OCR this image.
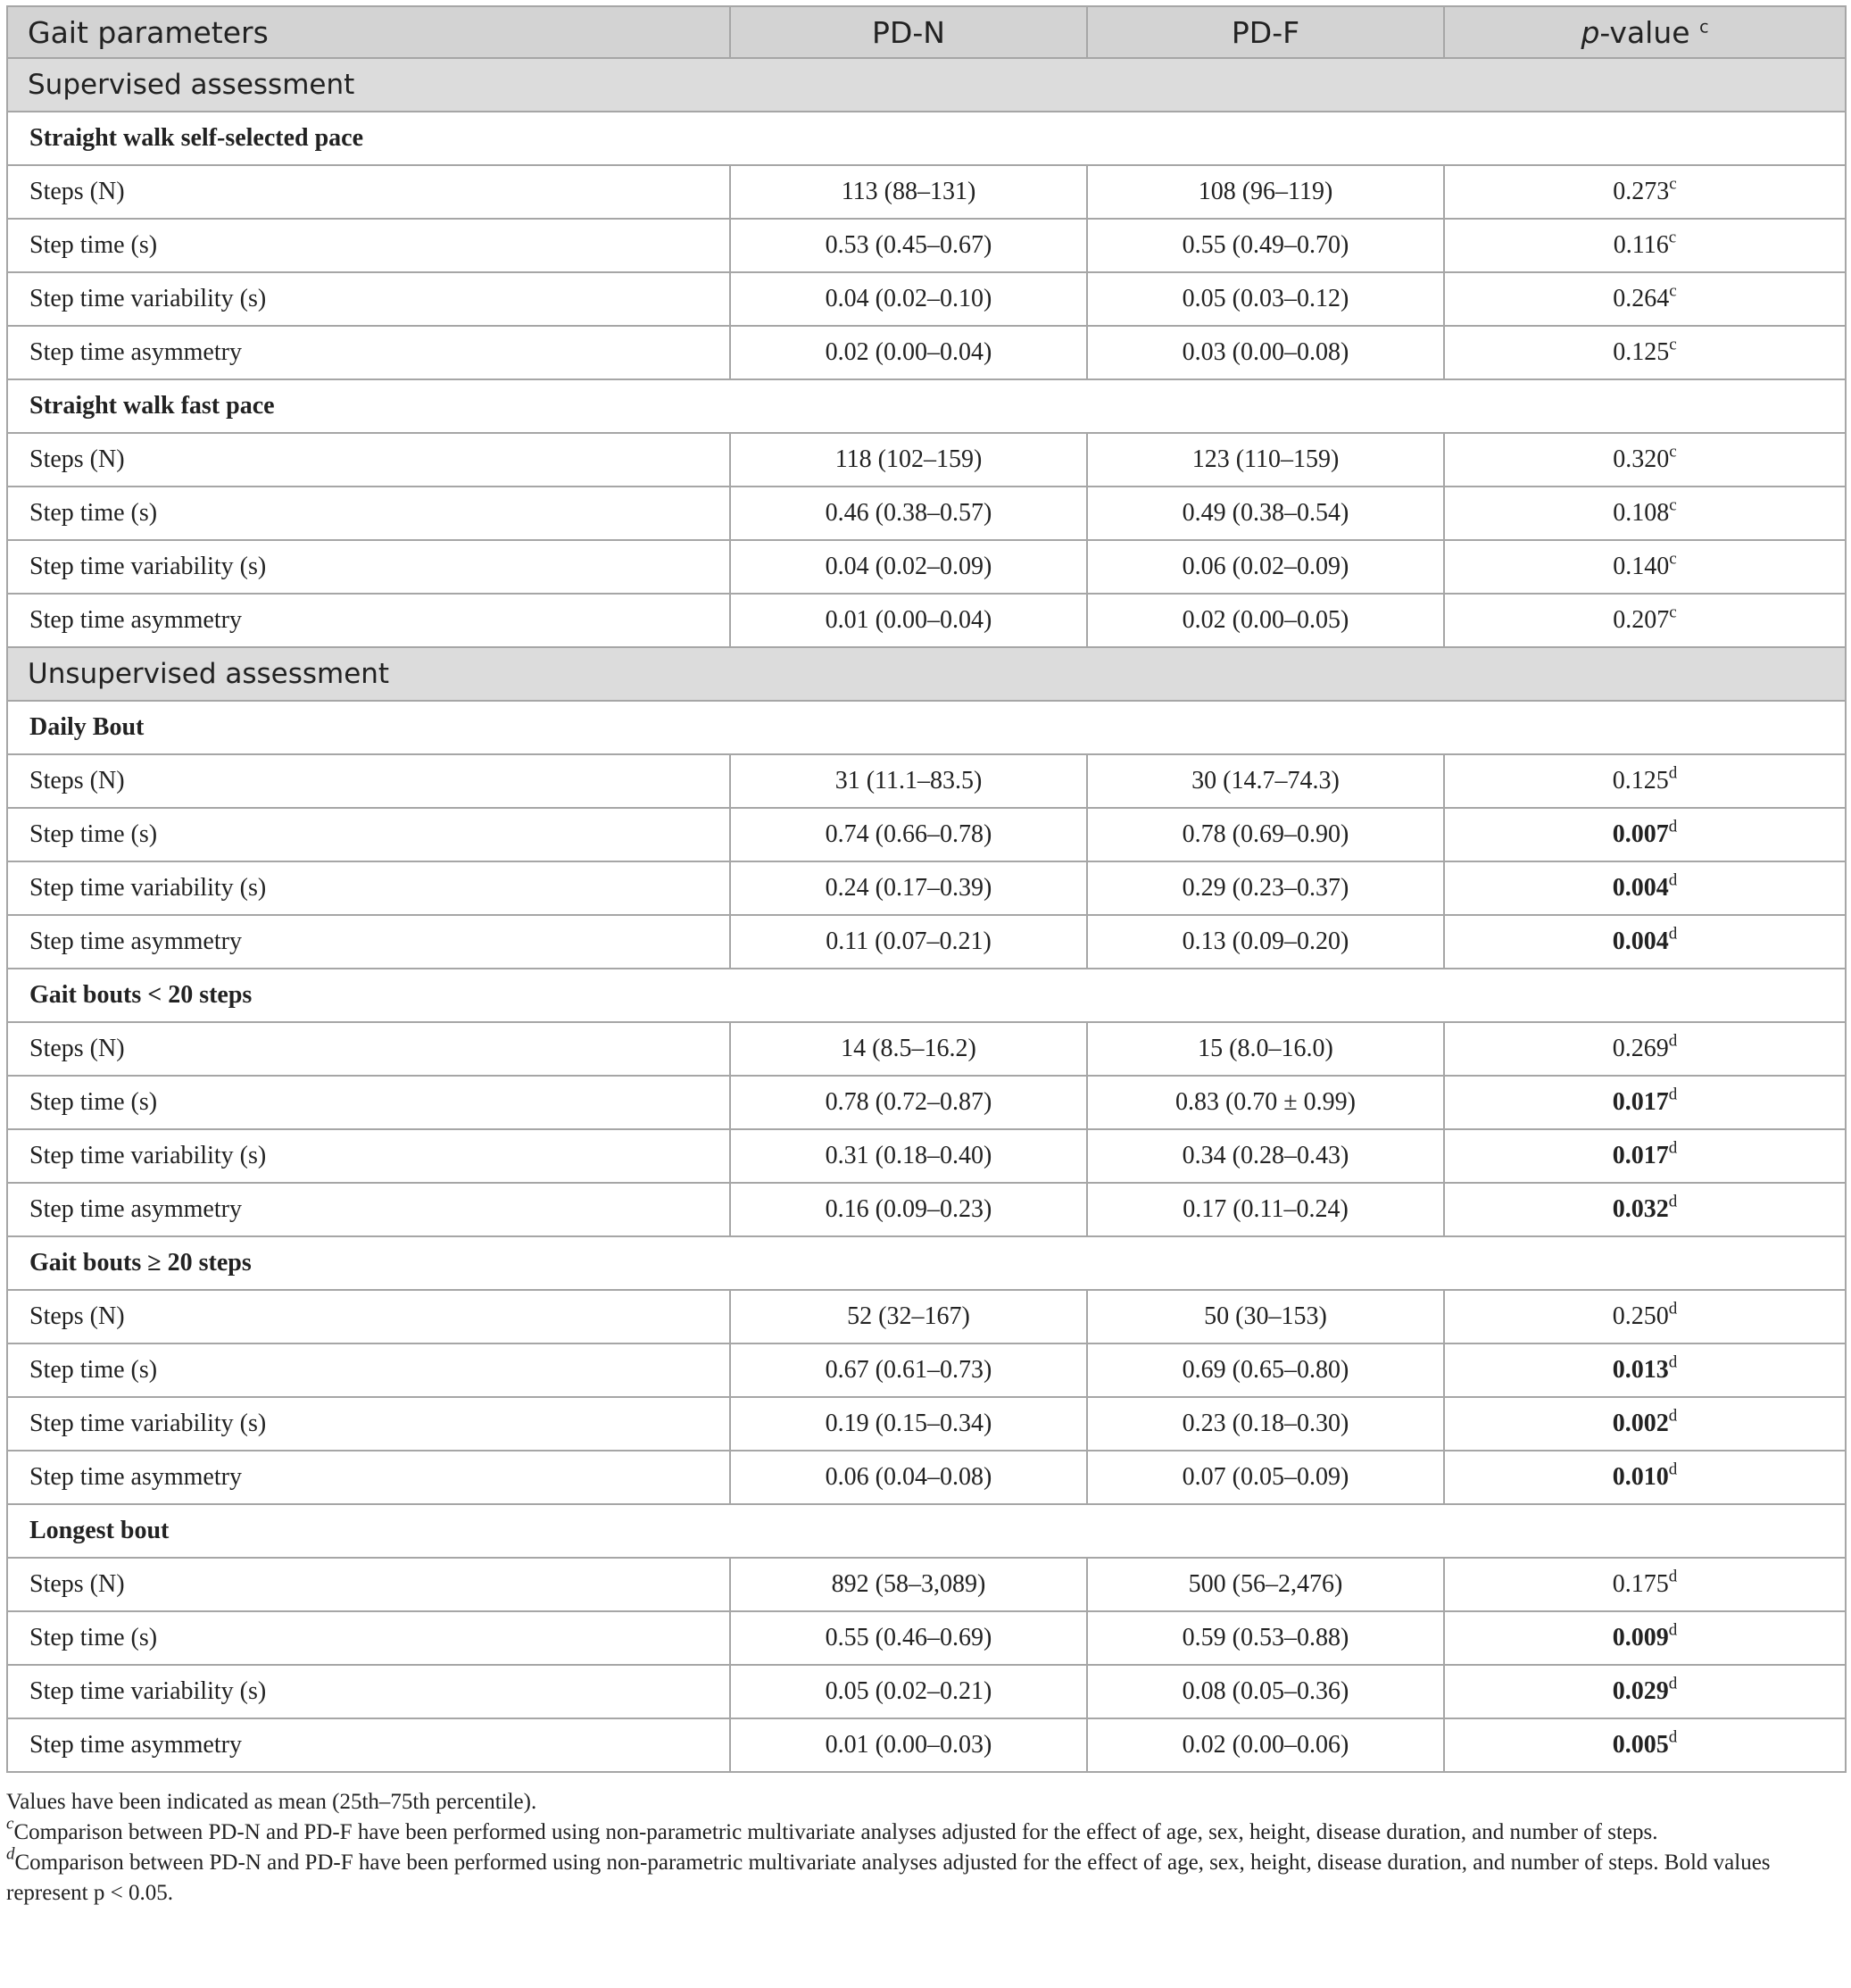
Gait parameters	PD-N	PD-F	p-value $^c$
Supervised assessment			
Straight walk self-selected pace			
Steps (N)	113 (88–131)	108 (96–119)	0.273$^c$
Step time (s)	0.53 (0.45–0.67)	0.55 (0.49–0.70)	0.116$^c$
Step time variability (s)	0.04 (0.02–0.10)	0.05 (0.03–0.12)	0.264$^c$
Step time asymmetry	0.02 (0.00–0.04)	0.03 (0.00–0.08)	0.125$^c$
Straight walk fast pace			
Steps (N)	118 (102–159)	123 (110–159)	0.320$^c$
Step time (s)	0.46 (0.38–0.57)	0.49 (0.38–0.54)	0.108$^c$
Step time variability (s)	0.04 (0.02–0.09)	0.06 (0.02–0.09)	0.140$^c$
Step time asymmetry	0.01 (0.00–0.04)	0.02 (0.00–0.05)	0.207$^c$
Unsupervised assessment			
Daily Bout			
Steps (N)	31 (11.1–83.5)	30 (14.7–74.3)	0.125$^d$
Step time (s)	0.74 (0.66–0.78)	0.78 (0.69–0.90)	0.007$^d$
Step time variability (s)	0.24 (0.17–0.39)	0.29 (0.23–0.37)	0.004$^d$
Step time asymmetry	0.11 (0.07–0.21)	0.13 (0.09–0.20)	0.004$^d$
Gait bouts < 20 steps			
Steps (N)	14 (8.5–16.2)	15 (8.0–16.0)	0.269$^d$
Step time (s)	0.78 (0.72–0.87)	0.83 (0.70 ± 0.99)	0.017$^d$
Step time variability (s)	0.31 (0.18–0.40)	0.34 (0.28–0.43)	0.017$^d$
Step time asymmetry	0.16 (0.09–0.23)	0.17 (0.11–0.24)	0.032$^d$
Gait bouts ≥ 20 steps			
Steps (N)	52 (32–167)	50 (30–153)	0.250$^d$
Step time (s)	0.67 (0.61–0.73)	0.69 (0.65–0.80)	0.013$^d$
Step time variability (s)	0.19 (0.15–0.34)	0.23 (0.18–0.30)	0.002$^d$
Step time asymmetry	0.06 (0.04–0.08)	0.07 (0.05–0.09)	0.010$^d$
Longest bout			
Steps (N)	892 (58–3,089)	500 (56–2,476)	0.175$^d$
Step time (s)	0.55 (0.46–0.69)	0.59 (0.53–0.88)	0.009$^d$
Step time variability (s)	0.05 (0.02–0.21)	0.08 (0.05–0.36)	0.029$^d$
Step time asymmetry	0.01 (0.00–0.03)	0.02 (0.00–0.06)	0.005$^d$

Values have been indicated as mean (25th–75th percentile).

$^c$Comparison between PD-N and PD-F have been performed using non-parametric multivariate analyses adjusted for the effect of age, sex, height, disease duration, and number of steps.

$^d$Comparison between PD-N and PD-F have been performed using non-parametric multivariate analyses adjusted for the effect of age, sex, height, disease duration, and number of steps. Bold values represent p < 0.05.
